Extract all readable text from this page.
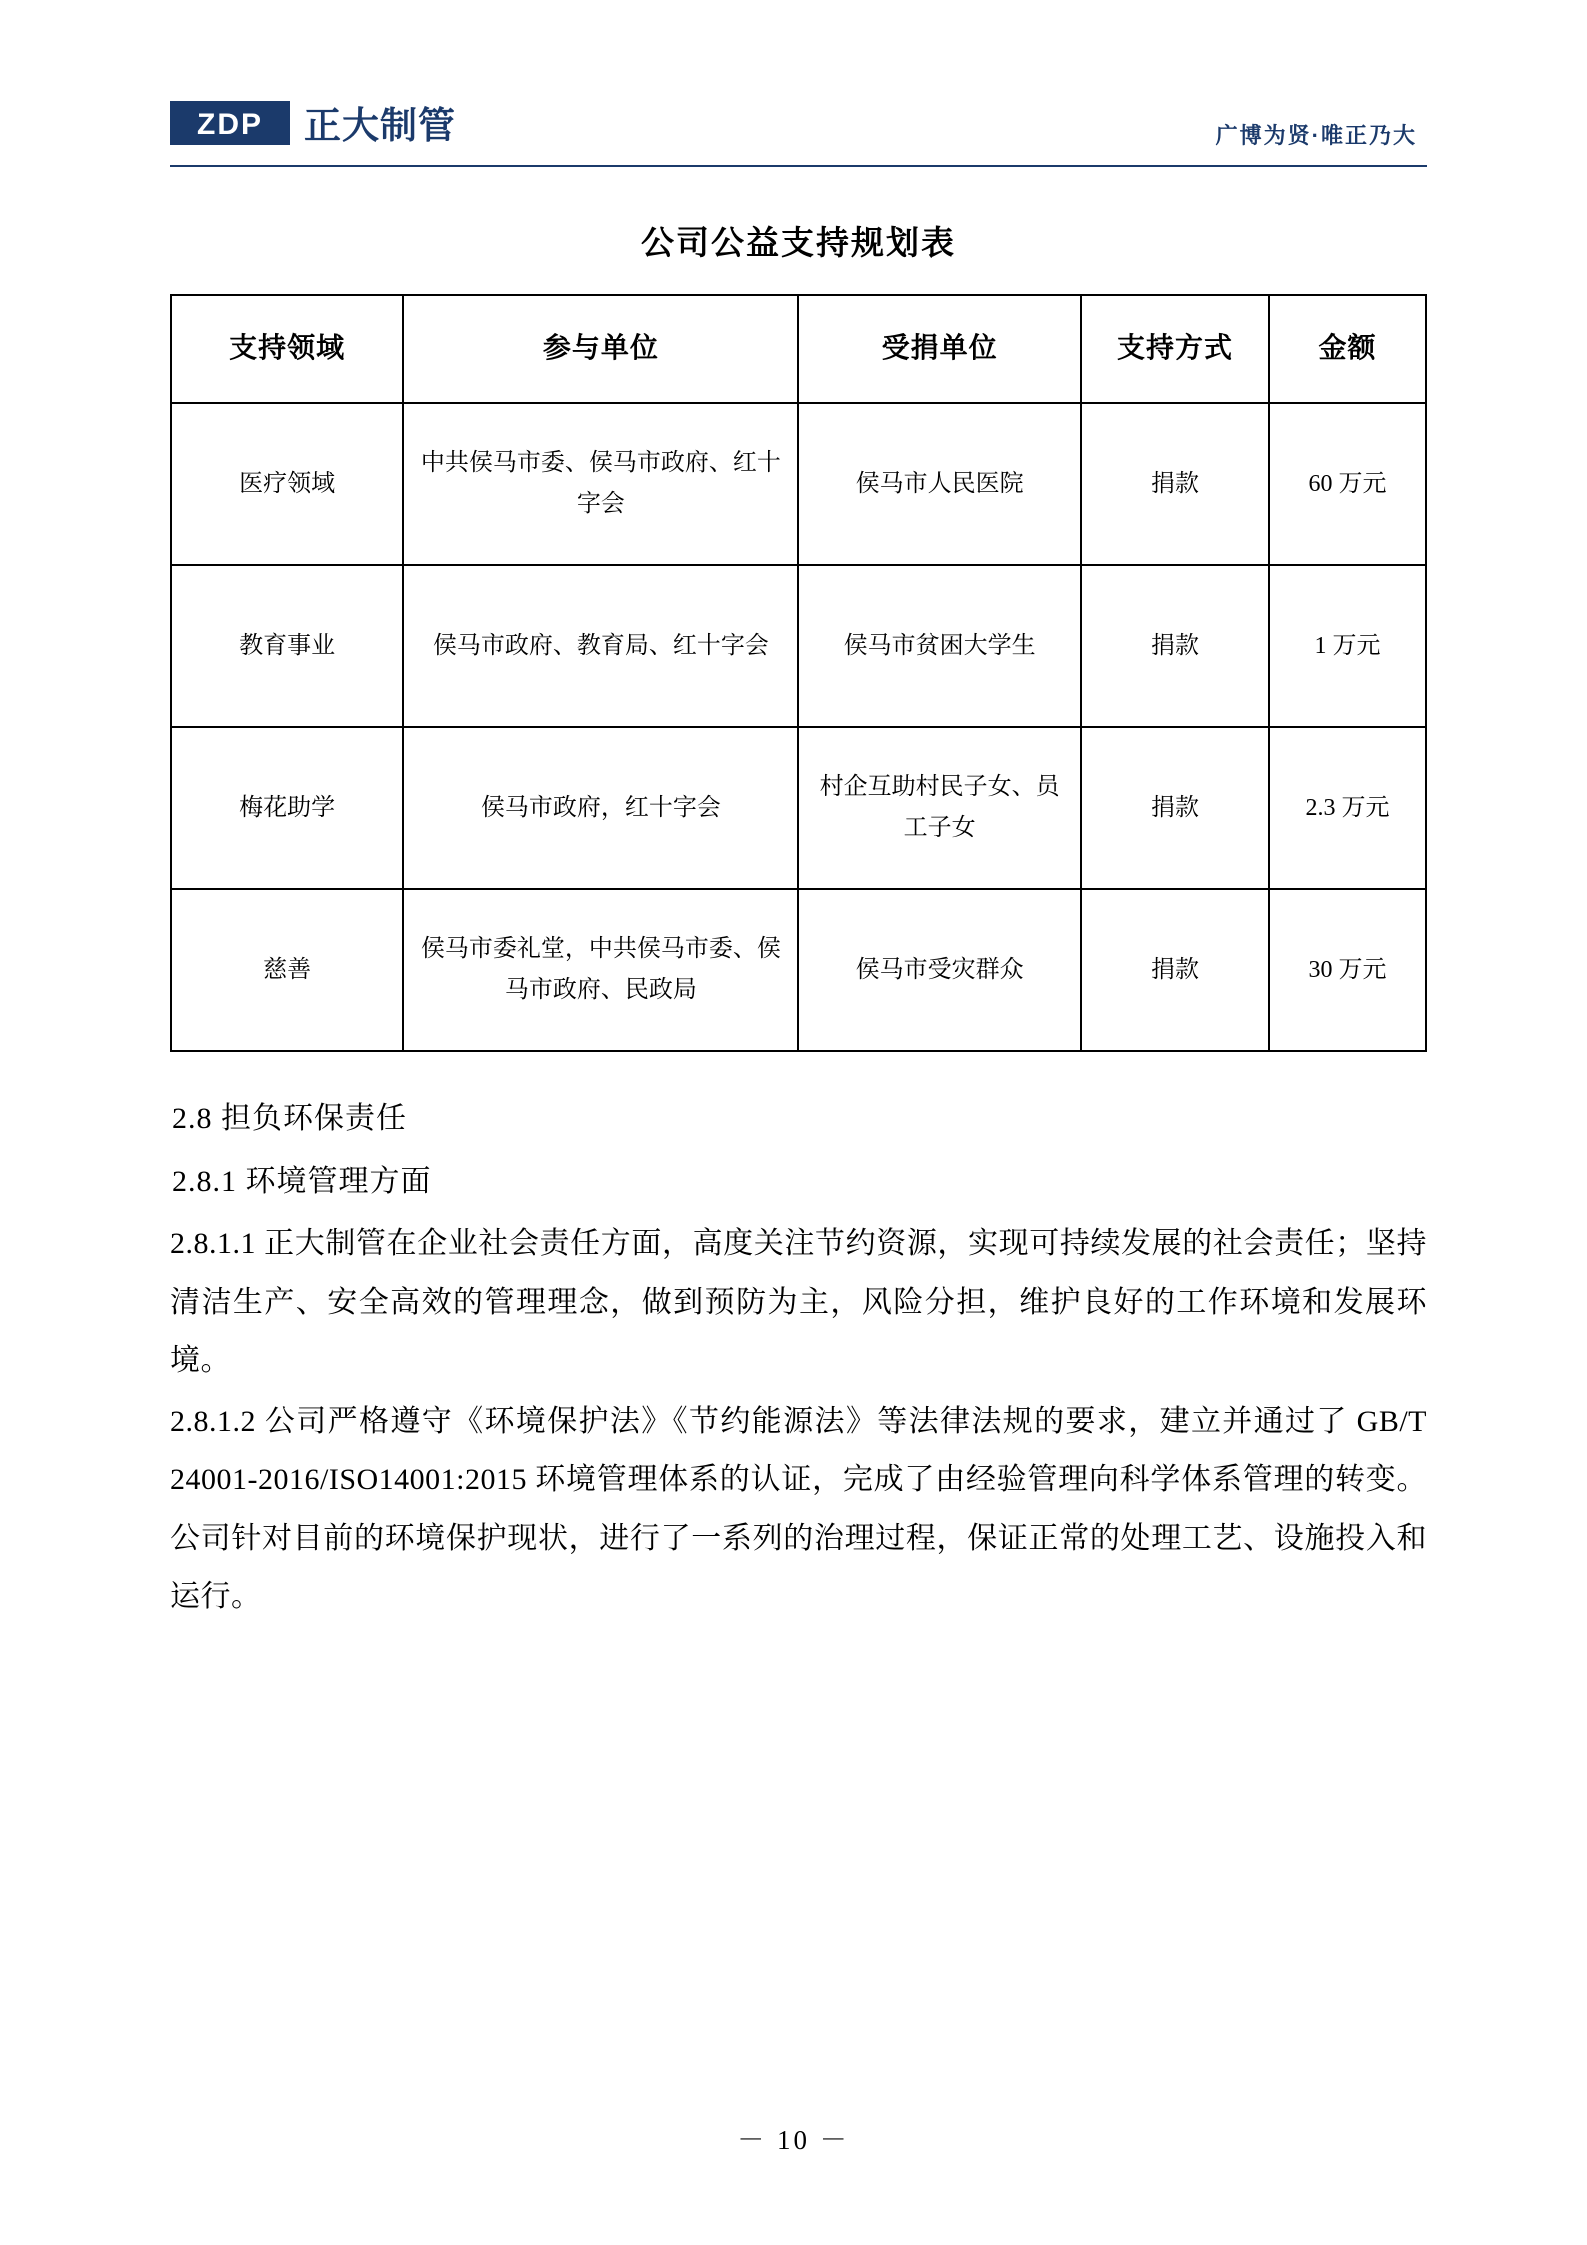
ZDP 正大制管	广博为贤·唯正乃大
公司公益支持规划表
支持领域	参与单位	受捐单位	支持方式	金额
医疗领域	中共侯马市委、侯马市政府、红十字会	侯马市人民医院	捐款	60 万元
教育事业	侯马市政府、教育局、红十字会	侯马市贫困大学生	捐款	1 万元
梅花助学	侯马市政府，红十字会	村企互助村民子女、员工子女	捐款	2.3 万元
慈善	侯马市委礼堂，中共侯马市委、侯马市政府、民政局	侯马市受灾群众	捐款	30 万元

2.8 担负环保责任

2.8.1 环境管理方面

2.8.1.1 正大制管在企业社会责任方面，高度关注节约资源，实现可持续发展的社会责任；坚持清洁生产、安全高效的管理理念，做到预防为主，风险分担，维护良好的工作环境和发展环境。

2.8.1.2 公司严格遵守《环境保护法》《节约能源法》等法律法规的要求，建立并通过了 GB/T 24001-2016/ISO14001:2015 环境管理体系的认证，完成了由经验管理向科学体系管理的转变。公司针对目前的环境保护现状，进行了一系列的治理过程，保证正常的处理工艺、设施投入和运行。

－ 10 －
